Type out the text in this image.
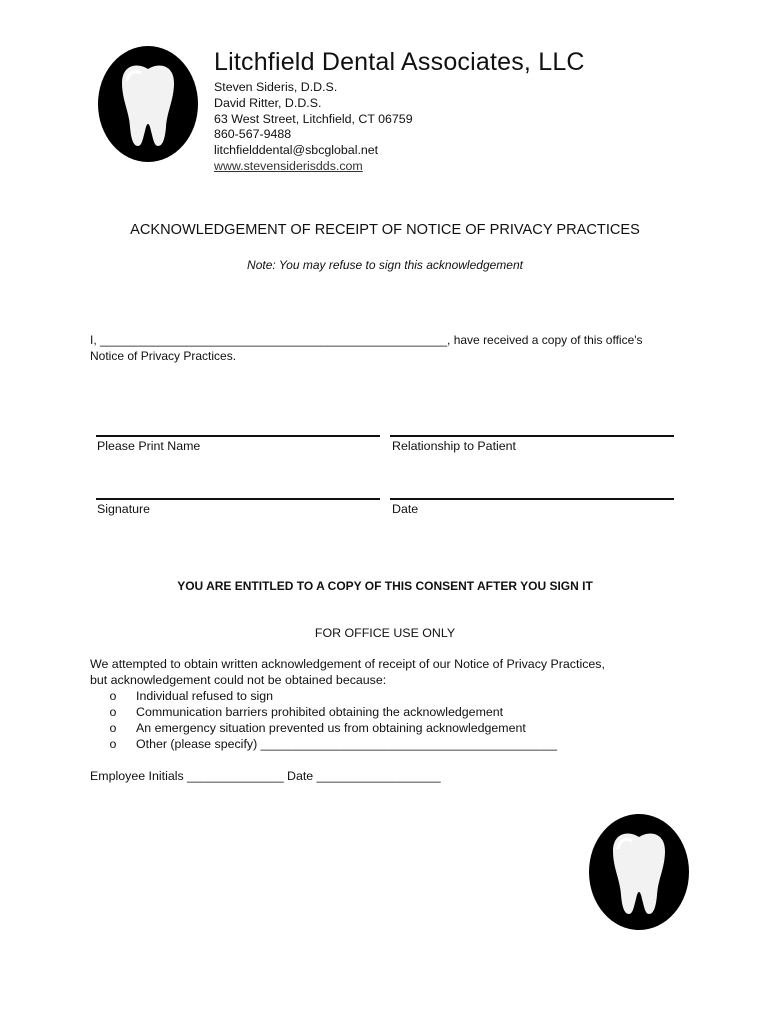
Litchfield Dental Associates, LLC
Steven Sideris, D.D.S.
David Ritter, D.D.S.
63 West Street, Litchfield, CT 06759
860-567-9488
litchfielddental@sbcglobal.net
www.stevensiderisdds.com
ACKNOWLEDGEMENT OF RECEIPT OF NOTICE OF PRIVACY PRACTICES
Note: You may refuse to sign this acknowledgement
I, ____________________________________________________, have received a copy of this office's
Notice of Privacy Practices.
Please Print Name	Relationship to Patient
Signature	Date
YOU ARE ENTITLED TO A COPY OF THIS CONSENT AFTER YOU SIGN IT
FOR OFFICE USE ONLY
We attempted to obtain written acknowledgement of receipt of our Notice of Privacy Practices,
but acknowledgement could not be obtained because:
o	Individual refused to sign
o	Communication barriers prohibited obtaining the acknowledgement
o	An emergency situation prevented us from obtaining acknowledgement
o	Other (please specify) ___________________________________________
Employee Initials ______________ Date __________________
